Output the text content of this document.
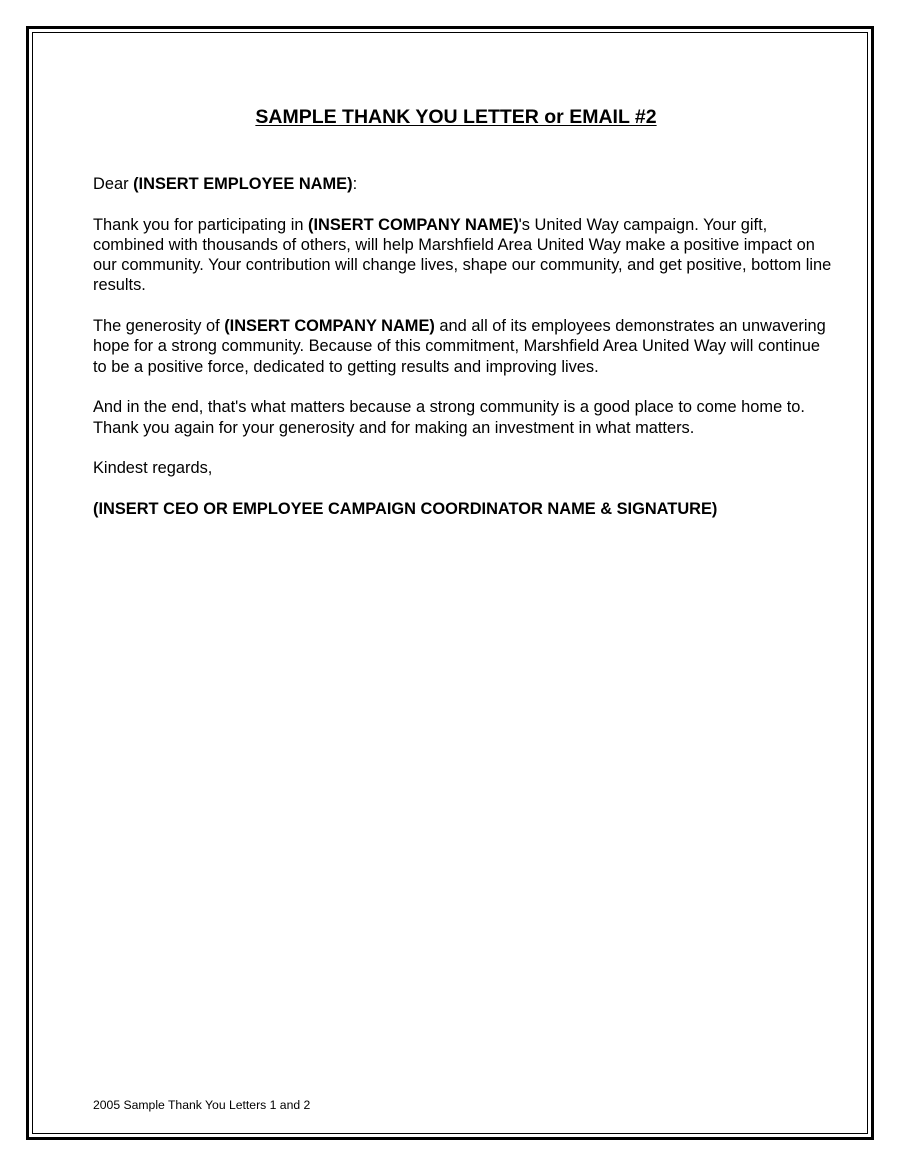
SAMPLE THANK YOU LETTER or EMAIL #2

Dear (INSERT EMPLOYEE NAME):

Thank you for participating in (INSERT COMPANY NAME)'s United Way campaign. Your gift, combined with thousands of others, will help Marshfield Area United Way make a positive impact on our community. Your contribution will change lives, shape our community, and get positive, bottom line results.

The generosity of (INSERT COMPANY NAME) and all of its employees demonstrates an unwavering hope for a strong community. Because of this commitment, Marshfield Area United Way will continue to be a positive force, dedicated to getting results and improving lives.

And in the end, that's what matters because a strong community is a good place to come home to. Thank you again for your generosity and for making an investment in what matters.

Kindest regards,

(INSERT CEO OR EMPLOYEE CAMPAIGN COORDINATOR NAME & SIGNATURE)

2005 Sample Thank You Letters 1 and 2
